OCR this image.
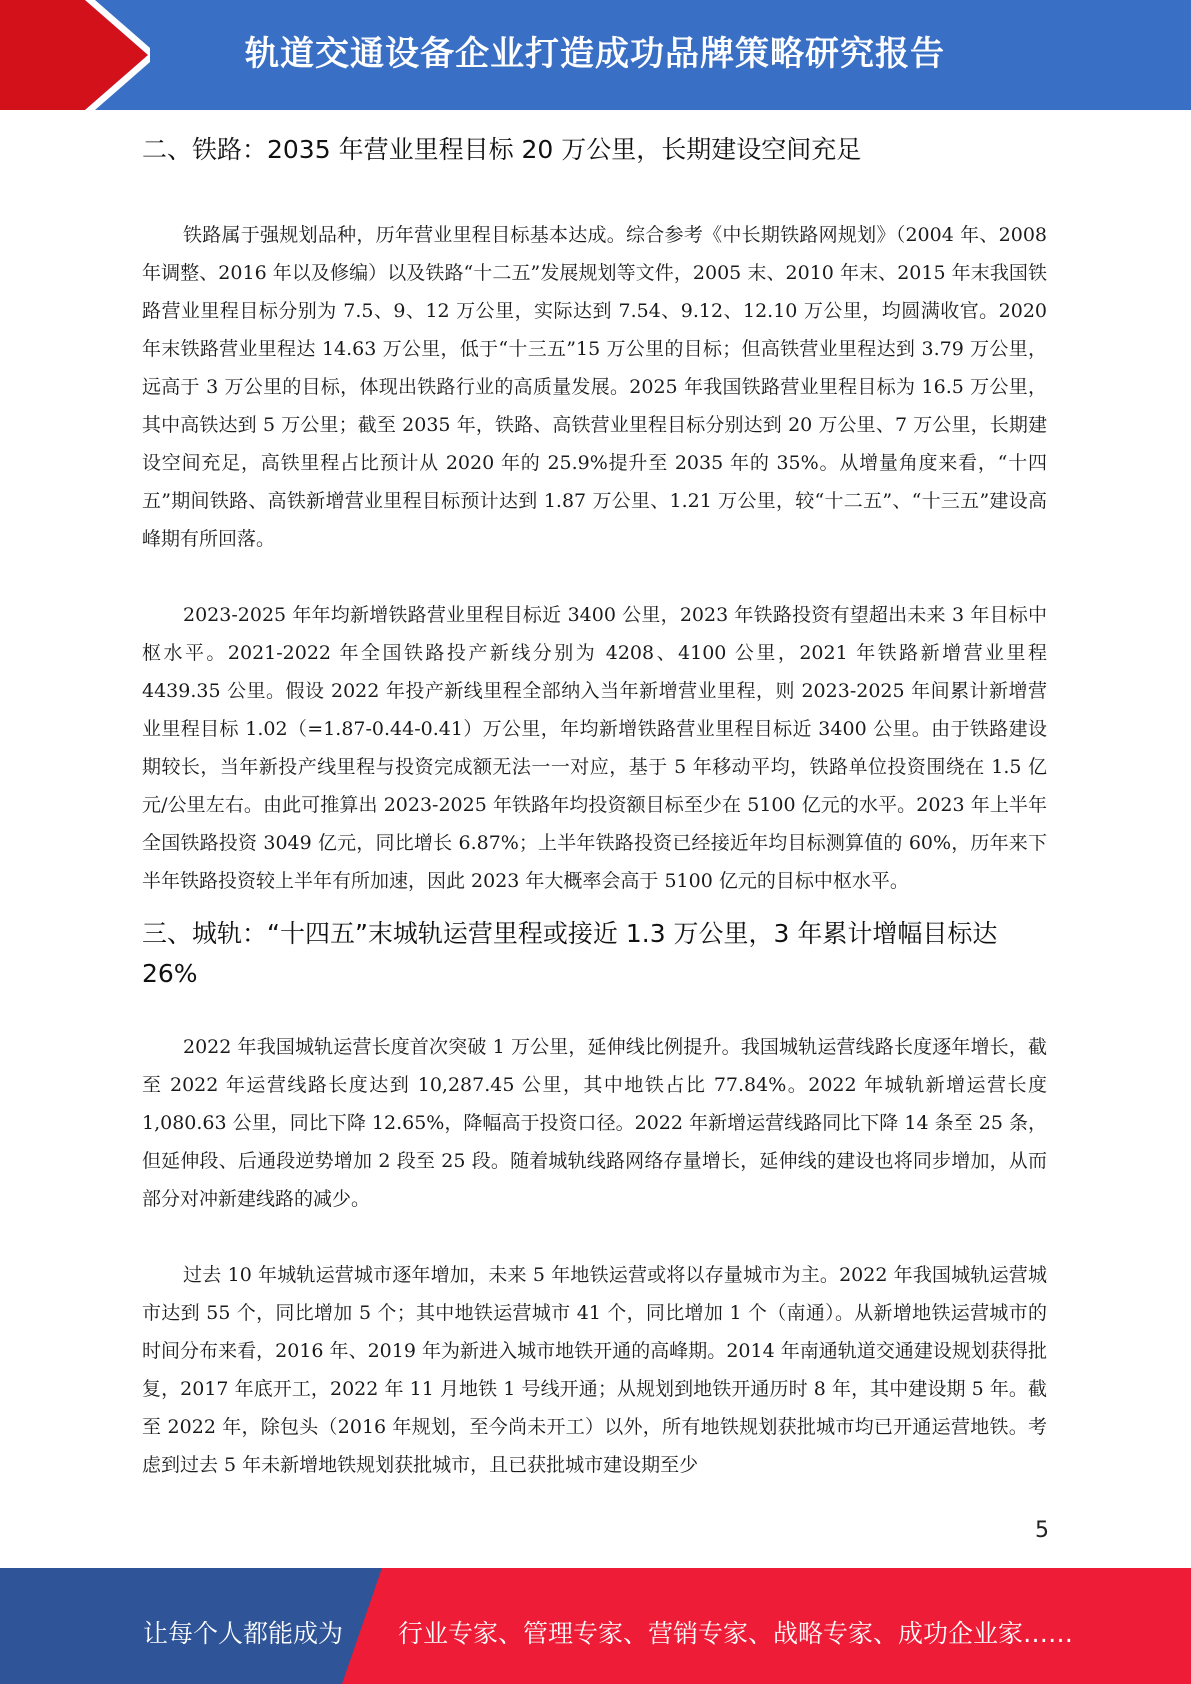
轨道交通设备企业打造成功品牌策略研究报告
二、铁路：2035 年营业里程目标 20 万公里，长期建设空间充足

铁路属于强规划品种，历年营业里程目标基本达成。综合参考《中长期铁路网规划》（2004 年、2008 年调整、2016 年以及修编）以及铁路“十二五”发展规划等文件，2005 末、2010 年末、2015 年末我国铁路营业里程目标分别为 7.5、9、12 万公里，实际达到 7.54、9.12、12.10 万公里，均圆满收官。2020 年末铁路营业里程达 14.63 万公里，低于“十三五”15 万公里的目标；但高铁营业里程达到 3.79 万公里，远高于 3 万公里的目标，体现出铁路行业的高质量发展。2025 年我国铁路营业里程目标为 16.5 万公里，其中高铁达到 5 万公里；截至 2035 年，铁路、高铁营业里程目标分别达到 20 万公里、7 万公里，长期建设空间充足，高铁里程占比预计从 2020 年的 25.9%提升至 2035 年的 35%。从增量角度来看，“十四五”期间铁路、高铁新增营业里程目标预计达到 1.87 万公里、1.21 万公里，较“十二五”、“十三五”建设高峰期有所回落。

2023-2025 年年均新增铁路营业里程目标近 3400 公里，2023 年铁路投资有望超出未来 3 年目标中枢水平。2021-2022 年全国铁路投产新线分别为 4208、4100 公里，2021 年铁路新增营业里程 4439.35 公里。假设 2022 年投产新线里程全部纳入当年新增营业里程，则 2023-2025 年间累计新增营业里程目标 1.02（=1.87-0.44-0.41）万公里，年均新增铁路营业里程目标近 3400 公里。由于铁路建设期较长，当年新投产线里程与投资完成额无法一一对应，基于 5 年移动平均，铁路单位投资围绕在 1.5 亿元/公里左右。由此可推算出 2023-2025 年铁路年均投资额目标至少在 5100 亿元的水平。2023 年上半年全国铁路投资 3049 亿元，同比增长 6.87%；上半年铁路投资已经接近年均目标测算值的 60%，历年来下半年铁路投资较上半年有所加速，因此 2023 年大概率会高于 5100 亿元的目标中枢水平。

三、城轨：“十四五”末城轨运营里程或接近 1.3 万公里，3 年累计增幅目标达 26%

2022 年我国城轨运营长度首次突破 1 万公里，延伸线比例提升。我国城轨运营线路长度逐年增长，截至 2022 年运营线路长度达到 10,287.45 公里，其中地铁占比 77.84%。2022 年城轨新增运营长度 1,080.63 公里，同比下降 12.65%，降幅高于投资口径。2022 年新增运营线路同比下降 14 条至 25 条，但延伸段、后通段逆势增加 2 段至 25 段。随着城轨线路网络存量增长，延伸线的建设也将同步增加，从而部分对冲新建线路的减少。

过去 10 年城轨运营城市逐年增加，未来 5 年地铁运营或将以存量城市为主。2022 年我国城轨运营城市达到 55 个，同比增加 5 个；其中地铁运营城市 41 个，同比增加 1 个（南通）。从新增地铁运营城市的时间分布来看，2016 年、2019 年为新进入城市地铁开通的高峰期。2014 年南通轨道交通建设规划获得批复，2017 年底开工，2022 年 11 月地铁 1 号线开通；从规划到地铁开通历时 8 年，其中建设期 5 年。截至 2022 年，除包头（2016 年规划，至今尚未开工）以外，所有地铁规划获批城市均已开通运营地铁。考虑到过去 5 年未新增地铁规划获批城市，且已获批城市建设期至少

5
让每个人都能成为 行业专家、管理专家、营销专家、战略专家、成功企业家……
